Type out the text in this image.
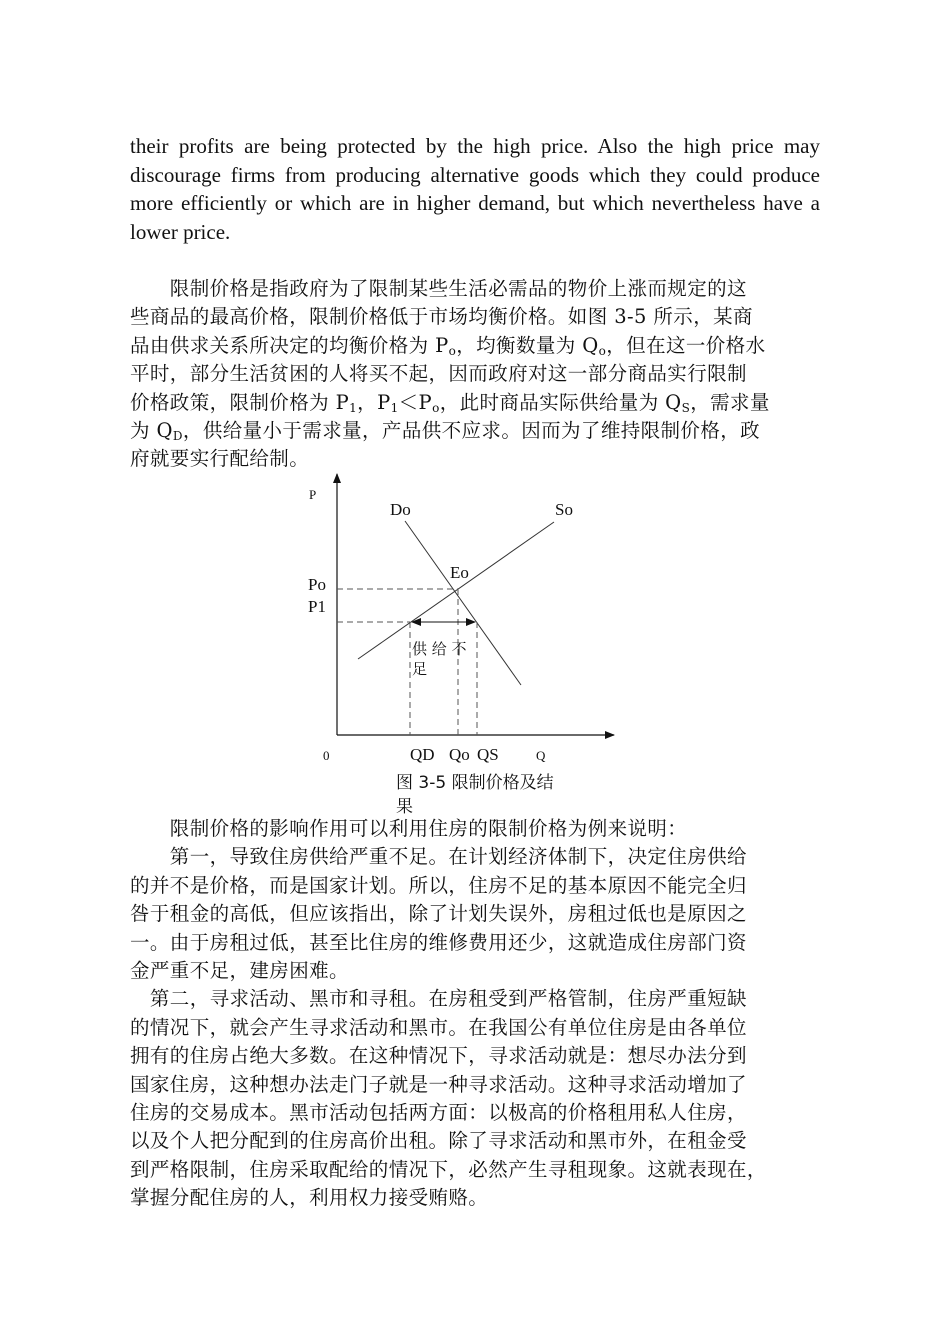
their profits are being protected by the high price. Also the high price may
discourage firms from producing alternative goods which they could produce
more efficiently or which are in higher demand, but which nevertheless have a
lower price.
　　限制价格是指政府为了限制某些生活必需品的物价上涨而规定的这
些商品的最高价格，限制价格低于市场均衡价格。如图 3-5 所示，某商
品由供求关系所决定的均衡价格为 $P_o$，均衡数量为 $Q_o$，但在这一价格水
平时，部分生活贫困的人将买不起，因而政府对这一部分商品实行限制
价格政策，限制价格为 $P_1$，$P_1<P_o$，此时商品实际供给量为 $Q_S$，需求量
为 $Q_D$，供给量小于需求量，产品供不应求。因而为了维持限制价格，政
府就要实行配给制。
P
Do	So
Eo
Po
P1
供 给 不
足
0	QD Qo QS	Q
图 3-5 限制价格及结
果
　　限制价格的影响作用可以利用住房的限制价格为例来说明：
　　第一，导致住房供给严重不足。在计划经济体制下，决定住房供给
的并不是价格，而是国家计划。所以，住房不足的基本原因不能完全归
咎于租金的高低，但应该指出，除了计划失误外，房租过低也是原因之
一。由于房租过低，甚至比住房的维修费用还少，这就造成住房部门资
金严重不足，建房困难。
　第二，寻求活动、黑市和寻租。在房租受到严格管制，住房严重短缺
的情况下，就会产生寻求活动和黑市。在我国公有单位住房是由各单位
拥有的住房占绝大多数。在这种情况下，寻求活动就是：想尽办法分到
国家住房，这种想办法走门子就是一种寻求活动。这种寻求活动增加了
住房的交易成本。黑市活动包括两方面：以极高的价格租用私人住房，
以及个人把分配到的住房高价出租。除了寻求活动和黑市外，在租金受
到严格限制，住房采取配给的情况下，必然产生寻租现象。这就表现在，
掌握分配住房的人，利用权力接受贿赂。
